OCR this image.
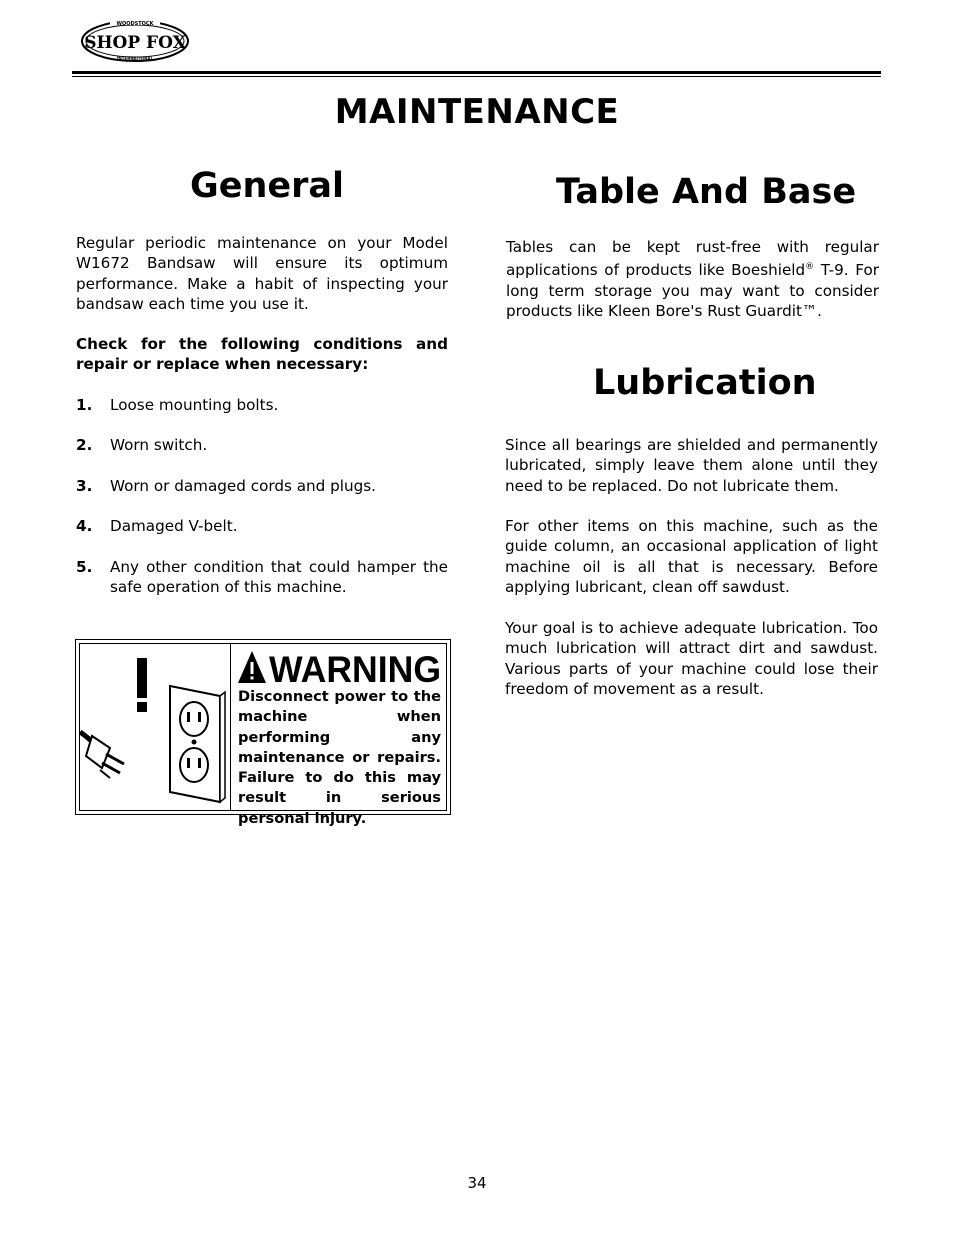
WOODSTOCK
SHOP FOX
INTERNATIONAL
MAINTENANCE
General
Regular periodic maintenance on your Model W1672 Bandsaw will ensure its optimum performance. Make a habit of inspecting your bandsaw each time you use it.
Check for the following conditions and repair or replace when necessary:
1. Loose mounting bolts.
2. Worn switch.
3. Worn or damaged cords and plugs.
4. Damaged V-belt.
5. Any other condition that could hamper the safe operation of this machine.
WARNING
Disconnect power to the machine when performing any maintenance or repairs. Failure to do this may result in serious personal injury.
Table And Base
Tables can be kept rust-free with regular applications of products like Boeshield® T-9. For long term storage you may want to consider products like Kleen Bore's Rust Guardit™.
Lubrication
Since all bearings are shielded and permanently lubricated, simply leave them alone until they need to be replaced. Do not lubricate them.
For other items on this machine, such as the guide column, an occasional application of light machine oil is all that is necessary. Before applying lubricant, clean off sawdust.
Your goal is to achieve adequate lubrication. Too much lubrication will attract dirt and sawdust. Various parts of your machine could lose their freedom of movement as a result.
34
